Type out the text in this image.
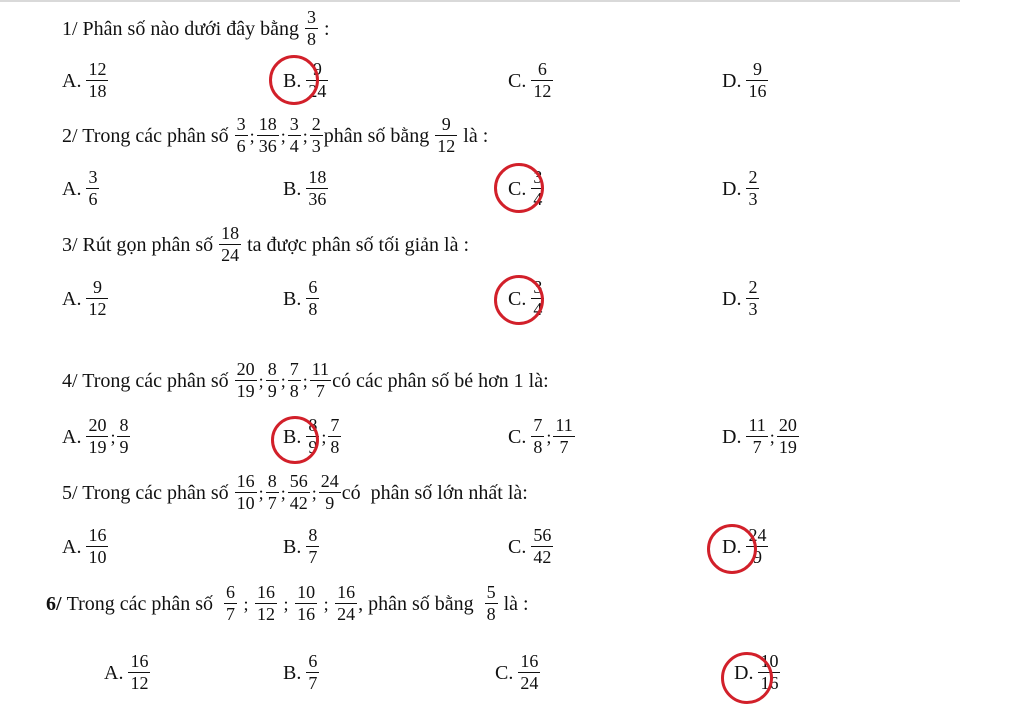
1/ Phân số nào dưới đây bằng
$\frac{3}{8}$
:
A. $\frac{12}{18}$	B. $\frac{9}{24}$	C. $\frac{6}{12}$	D. $\frac{9}{16}$
2/ Trong các phân số
$\frac{3}{6}$ ; $\frac{18}{36}$ ; $\frac{3}{4}$ ; $\frac{2}{3}$ phân số bằng
$\frac{9}{12}$
là :
A. $\frac{3}{6}$	B. $\frac{18}{36}$	C. $\frac{3}{4}$	D. $\frac{2}{3}$
3/ Rút gọn phân số
$\frac{18}{24}$
ta được phân số tối giản là :
A. $\frac{9}{12}$	B. $\frac{6}{8}$	C. $\frac{3}{4}$	D. $\frac{2}{3}$
4/ Trong các phân số
$\frac{20}{19}$ ; $\frac{8}{9}$ ; $\frac{7}{8}$ ; $\frac{11}{7}$ có các phân số bé hơn 1 là:
A. $\frac{20}{19}$ ; $\frac{8}{9}$	B. $\frac{8}{9}$ ; $\frac{7}{8}$	C. $\frac{7}{8}$ ; $\frac{11}{7}$	D. $\frac{11}{7}$ ; $\frac{20}{19}$
5/ Trong các phân số
$\frac{16}{10}$ ; $\frac{8}{7}$ ; $\frac{56}{42}$ ; $\frac{24}{9}$ có  phân số lớn nhất là:
A. $\frac{16}{10}$	B. $\frac{8}{7}$	C. $\frac{56}{42}$	D. $\frac{24}{9}$
6/
Trong các phân số
$\frac{6}{7}$ ; $\frac{16}{12}$ ; $\frac{10}{16}$ ; $\frac{16}{24}$ , phân số bằng
$\frac{5}{8}$
là :
A. $\frac{16}{12}$	B. $\frac{6}{7}$	C. $\frac{16}{24}$	D. $\frac{10}{16}$
